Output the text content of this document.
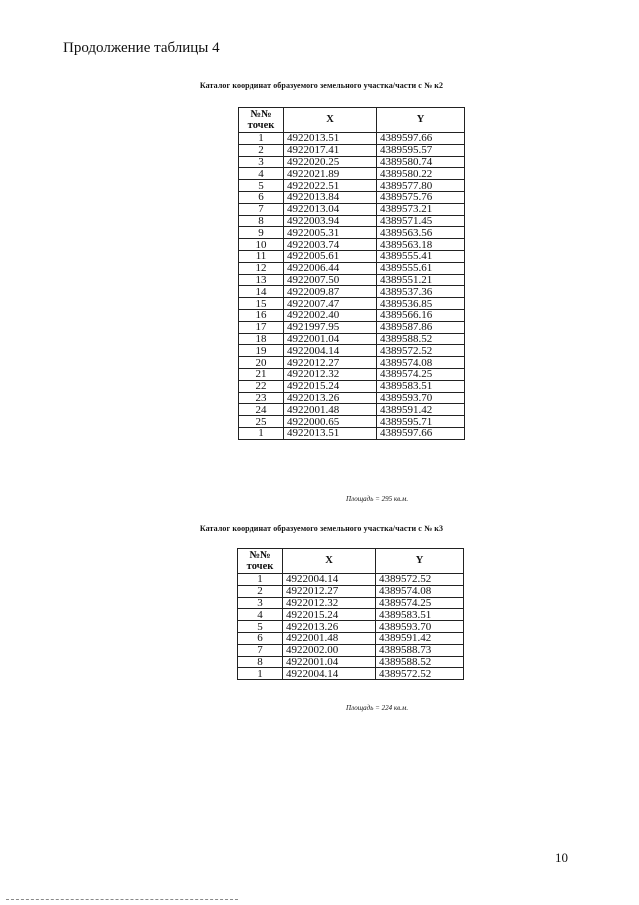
Продолжение таблицы 4
Каталог координат образуемого земельного участка/части с № к2
№№ точек	X	Y
1	4922013.51	4389597.66
2	4922017.41	4389595.57
3	4922020.25	4389580.74
4	4922021.89	4389580.22
5	4922022.51	4389577.80
6	4922013.84	4389575.76
7	4922013.04	4389573.21
8	4922003.94	4389571.45
9	4922005.31	4389563.56
10	4922003.74	4389563.18
11	4922005.61	4389555.41
12	4922006.44	4389555.61
13	4922007.50	4389551.21
14	4922009.87	4389537.36
15	4922007.47	4389536.85
16	4922002.40	4389566.16
17	4921997.95	4389587.86
18	4922001.04	4389588.52
19	4922004.14	4389572.52
20	4922012.27	4389574.08
21	4922012.32	4389574.25
22	4922015.24	4389583.51
23	4922013.26	4389593.70
24	4922001.48	4389591.42
25	4922000.65	4389595.71
1	4922013.51	4389597.66
Площадь = 295 кв.м.
Каталог координат образуемого земельного участка/части с № к3
№№ точек	X	Y
1	4922004.14	4389572.52
2	4922012.27	4389574.08
3	4922012.32	4389574.25
4	4922015.24	4389583.51
5	4922013.26	4389593.70
6	4922001.48	4389591.42
7	4922002.00	4389588.73
8	4922001.04	4389588.52
1	4922004.14	4389572.52
Площадь = 224 кв.м.
10
